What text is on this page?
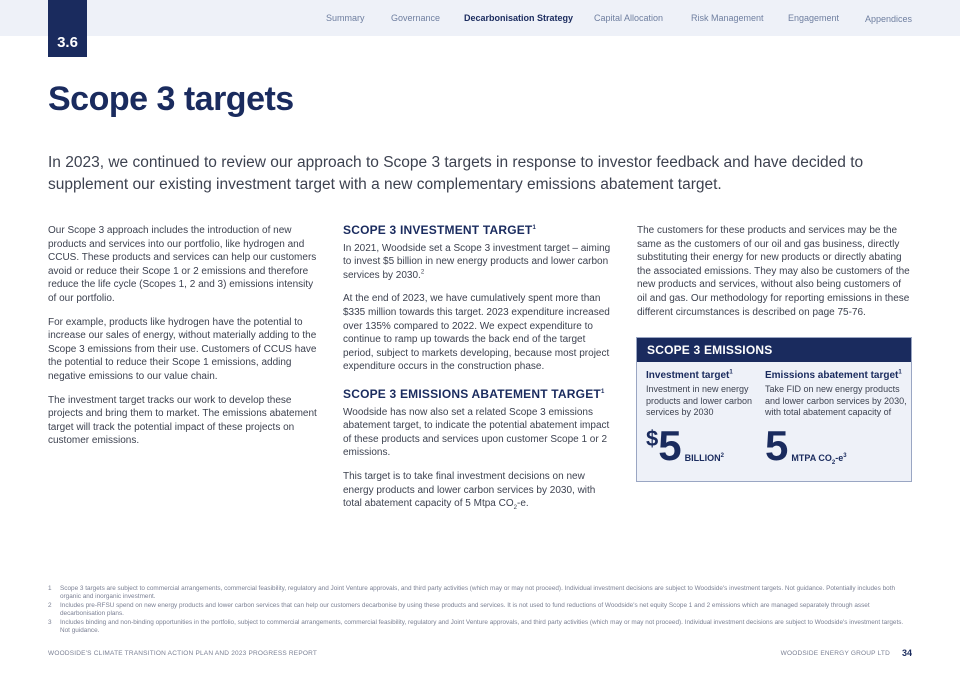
3.6
Summary	Governance	Decarbonisation Strategy Capital Allocation	Risk Management	Engagement	Appendices
Scope 3 targets

In 2023, we continued to review our approach to Scope 3 targets in response to investor feedback and have decided to supplement our existing investment target with a new complementary emissions abatement target.

Our Scope 3 approach includes the introduction of new products and services into our portfolio, like hydrogen and CCUS. These products and services can help our customers avoid or reduce their Scope 1 or 2 emissions and therefore reduce the life cycle (Scopes 1, 2 and 3) emissions intensity of our portfolio.

For example, products like hydrogen have the potential to increase our sales of energy, without materially adding to the Scope 3 emissions from their use. Customers of CCUS have the potential to reduce their Scope 1 emissions, adding negative emissions to our value chain.

The investment target tracks our work to develop these projects and bring them to market. The emissions abatement target will track the potential impact of these projects on customer emissions.

SCOPE 3 INVESTMENT TARGET$^1$

In 2021, Woodside set a Scope 3 investment target – aiming to invest $5 billion in new energy products and lower carbon services by 2030.$^2$

At the end of 2023, we have cumulatively spent more than $335 million towards this target. 2023 expenditure increased over 135% compared to 2022. We expect expenditure to continue to ramp up towards the back end of the target period, subject to markets developing, because most project expenditure occurs in the construction phase.

SCOPE 3 EMISSIONS ABATEMENT TARGET$^1$

Woodside has now also set a related Scope 3 emissions abatement target, to indicate the potential abatement impact of these products and services upon customer Scope 1 or 2 emissions.

This target is to take final investment decisions on new energy products and lower carbon services by 2030, with total abatement capacity of 5 Mtpa $CO_2-e$.

The customers for these products and services may be the same as the customers of our oil and gas business, directly substituting their energy for new products or directly abating the associated emissions. They may also be customers of the new products and services, without also being customers of oil and gas. Our methodology for reporting emissions in these different circumstances is described on page 75-76.

SCOPE 3 EMISSIONS
Investment target$^1$
Investment in new energy products and lower carbon services by 2030
$ 5 BILLION$^2$
Emissions abatement target$^1$
Take FID on new energy products and lower carbon services by 2030, with total abatement capacity of
5 MTPA $CO_2-e^3$
1	Scope 3 targets are subject to commercial arrangements, commercial feasibility, regulatory and Joint Venture approvals, and third party activities (which may or may not proceed). Individual investment decisions are subject to Woodside's investment targets. Not guidance. Potentially includes both organic and inorganic investment.
2	Includes pre-RFSU spend on new energy products and lower carbon services that can help our customers decarbonise by using these products and services. It is not used to fund reductions of Woodside's net equity Scope 1 and 2 emissions which are managed separately through asset decarbonisation plans.
3	Includes binding and non-binding opportunities in the portfolio, subject to commercial arrangements, commercial feasibility, regulatory and Joint Venture approvals, and third party activities (which may or may not proceed). Individual investment decisions are subject to Woodside's investment targets. Not guidance.
WOODSIDE'S CLIMATE TRANSITION ACTION PLAN AND 2023 PROGRESS REPORT	WOODSIDE ENERGY GROUP LTD 34
